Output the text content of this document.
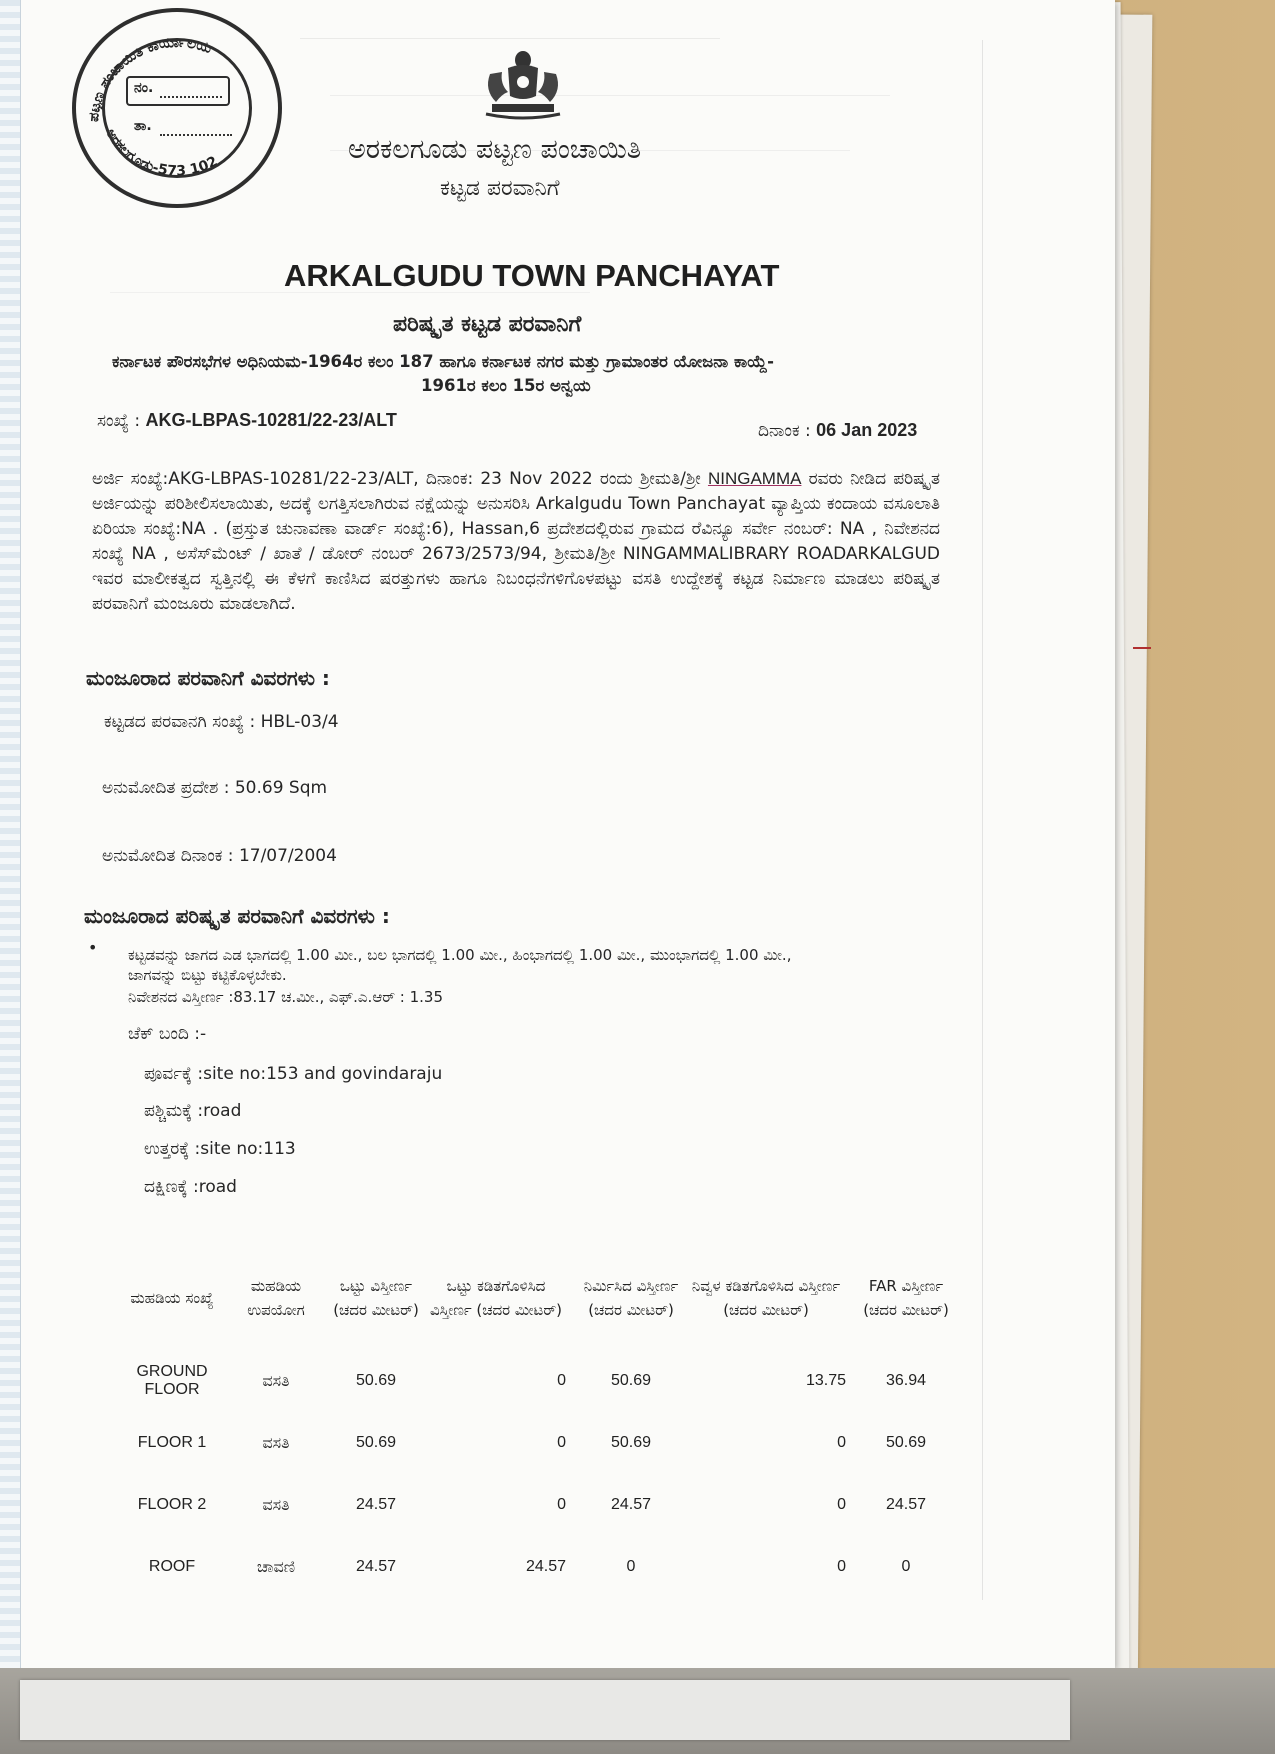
ಪಟ್ಟಣ ಪಂಚಾಯಿತಿ ಕಾರ್ಯಾಲಯ
ಅರಕಲಗೂಡು-573 102
ನಂ.
ತಾ.
ಅರಕಲಗೂಡು ಪಟ್ಟಣ ಪಂಚಾಯಿತಿ
ಕಟ್ಟಡ ಪರವಾನಿಗೆ
ARKALGUDU TOWN PANCHAYAT
ಪರಿಷ್ಕೃತ ಕಟ್ಟಡ ಪರವಾನಿಗೆ
ಕರ್ನಾಟಕ ಪೌರಸಭೆಗಳ ಅಧಿನಿಯಮ-1964ರ ಕಲಂ 187 ಹಾಗೂ ಕರ್ನಾಟಕ ನಗರ ಮತ್ತು ಗ್ರಾಮಾಂತರ ಯೋಜನಾ ಕಾಯ್ದೆ-
1961ರ ಕಲಂ 15ರ ಅನ್ವಯ
ಸಂಖ್ಯೆ : AKG-LBPAS-10281/22-23/ALT
ದಿನಾಂಕ : 06 Jan 2023
ಅರ್ಜಿ ಸಂಖ್ಯೆ:AKG-LBPAS-10281/22-23/ALT, ದಿನಾಂಕ: 23 Nov 2022 ರಂದು ಶ್ರೀಮತಿ/ಶ್ರೀ NINGAMMA ರವರು ನೀಡಿದ ಪರಿಷ್ಕೃತ ಅರ್ಜಿಯನ್ನು ಪರಿಶೀಲಿಸಲಾಯಿತು, ಅದಕ್ಕೆ ಲಗತ್ತಿಸಲಾಗಿರುವ ನಕ್ಷೆಯನ್ನು ಅನುಸರಿಸಿ Arkalgudu Town Panchayat ವ್ಯಾಪ್ತಿಯ ಕಂದಾಯ ವಸೂಲಾತಿ ಏರಿಯಾ ಸಂಖ್ಯೆ:NA . (ಪ್ರಸ್ತುತ ಚುನಾವಣಾ ವಾರ್ಡ್ ಸಂಖ್ಯೆ:6), Hassan,6 ಪ್ರದೇಶದಲ್ಲಿರುವ ಗ್ರಾಮದ ರೆವಿನ್ಯೂ ಸರ್ವೇ ನಂಬರ್: NA , ನಿವೇಶನದ ಸಂಖ್ಯೆ NA , ಅಸೆಸ್‌ಮೆಂಟ್ / ಖಾತೆ / ಡೋರ್ ನಂಬರ್ 2673/2573/94, ಶ್ರೀಮತಿ/ಶ್ರೀ NINGAMMALIBRARY ROADARKALGUD ಇವರ ಮಾಲೀಕತ್ವದ ಸ್ವತ್ತಿನಲ್ಲಿ ಈ ಕೆಳಗೆ ಕಾಣಿಸಿದ ಷರತ್ತುಗಳು ಹಾಗೂ ನಿಬಂಧನೆಗಳಿಗೊಳಪಟ್ಟು ವಸತಿ ಉದ್ದೇಶಕ್ಕೆ ಕಟ್ಟಡ ನಿರ್ಮಾಣ ಮಾಡಲು ಪರಿಷ್ಕೃತ ಪರವಾನಿಗೆ ಮಂಜೂರು ಮಾಡಲಾಗಿದೆ.
ಮಂಜೂರಾದ ಪರವಾನಿಗೆ ವಿವರಗಳು :
ಕಟ್ಟಡದ ಪರವಾನಗಿ ಸಂಖ್ಯೆ : HBL-03/4
ಅನುಮೋದಿತ ಪ್ರದೇಶ : 50.69 Sqm
ಅನುಮೋದಿತ ದಿನಾಂಕ : 17/07/2004
ಮಂಜೂರಾದ ಪರಿಷ್ಕೃತ ಪರವಾನಿಗೆ ವಿವರಗಳು :
• ಕಟ್ಟಡವನ್ನು ಜಾಗದ ಎಡ ಭಾಗದಲ್ಲಿ 1.00 ಮೀ., ಬಲ ಭಾಗದಲ್ಲಿ 1.00 ಮೀ., ಹಿಂಭಾಗದಲ್ಲಿ 1.00 ಮೀ., ಮುಂಭಾಗದಲ್ಲಿ 1.00 ಮೀ.,
ಜಾಗವನ್ನು ಬಿಟ್ಟು ಕಟ್ಟಿಕೊಳ್ಳಬೇಕು.
ನಿವೇಶನದ ವಿಸ್ತೀರ್ಣ :83.17 ಚ.ಮೀ., ಎಫ್.ಎ.ಆರ್ : 1.35
ಚೆಕ್ ಬಂದಿ :-
ಪೂರ್ವಕ್ಕೆ :site no:153 and govindaraju
ಪಶ್ಚಿಮಕ್ಕೆ :road
ಉತ್ತರಕ್ಕೆ :site no:113
ದಕ್ಷಿಣಕ್ಕೆ :road
ಮಹಡಿಯ ಸಂಖ್ಯೆ	ಮಹಡಿಯ ಉಪಯೋಗ	ಒಟ್ಟು ವಿಸ್ತೀರ್ಣ (ಚದರ ಮೀಟರ್)	ಒಟ್ಟು ಕಡಿತಗೊಳಿಸಿದ ವಿಸ್ತೀರ್ಣ (ಚದರ ಮೀಟರ್)	ನಿರ್ಮಿಸಿದ ವಿಸ್ತೀರ್ಣ (ಚದರ ಮೀಟರ್)	ನಿವ್ವಳ ಕಡಿತಗೊಳಿಸಿದ ವಿಸ್ತೀರ್ಣ (ಚದರ ಮೀಟರ್)	FAR ವಿಸ್ತೀರ್ಣ (ಚದರ ಮೀಟರ್)
GROUND FLOOR	ವಸತಿ	50.69	0	50.69	13.75	36.94
FLOOR 1	ವಸತಿ	50.69	0	50.69	0	50.69
FLOOR 2	ವಸತಿ	24.57	0	24.57	0	24.57
ROOF	ಚಾವಣಿ	24.57	24.57	0	0	0
